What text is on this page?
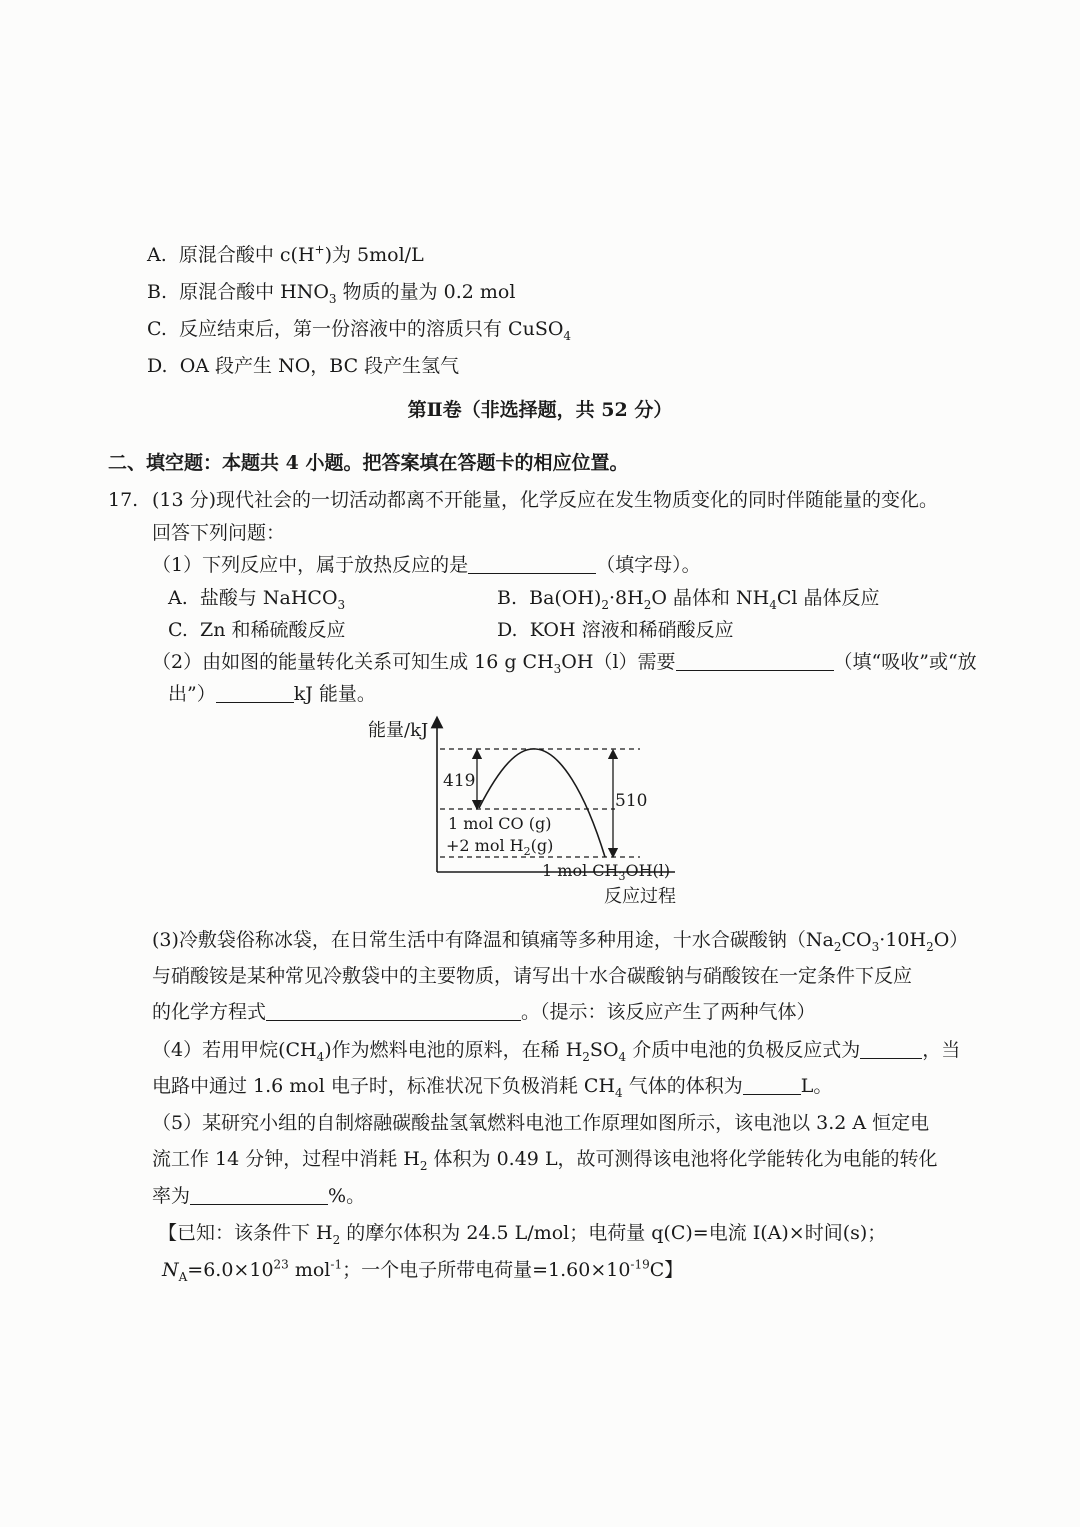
A. 原混合酸中 c(H+)为 5mol/L
B. 原混合酸中 $HNO_3$ 物质的量为 0.2 mol
C. 反应结束后，第一份溶液中的溶质只有 CuSO$_4$
D. OA 段产生 NO，BC 段产生氢气
第Ⅱ卷（非选择题，共 52 分）
二、填空题：本题共 4 小题。把答案填在答题卡的相应位置。
17. (13 分)现代社会的一切活动都离不开能量，化学反应在发生物质变化的同时伴随能量的变化。
回答下列问题：
（1）下列反应中，属于放热反应的是	（填字母）。
A. 盐酸与 NaHCO$_3$	B. $Ba(OH)_2\cdot 8H_2O$ 晶体和 $NH_4Cl$ 晶体反应
C. Zn 和稀硫酸反应	D. KOH 溶液和稀硝酸反应
（2）由如图的能量转化关系可知生成 16 g $CH_3OH(l)$需要	（填“吸收”或“放
出”）	kJ 能量。
能量/kJ
419
510
1 mol CO (g)
+2 mol $H_2(g)$
1 mol $CH_3OH(l)$
反应过程
(3)冷敷袋俗称冰袋，在日常生活中有降温和镇痛等多种用途，十水合碳酸钠$(Na_2CO_3\cdot 10H_2O)$
与硝酸铵是某种常见冷敷袋中的主要物质，请写出十水合碳酸钠与硝酸铵在一定条件下反应
的化学方程式	。（提示：该反应产生了两种气体）
（4）若用甲烷$(CH_4)$作为燃料电池的原料，在稀 $H_2SO_4$ 介质中电池的负极反应式为	，当
电路中通过 1.6 mol 电子时，标准状况下负极消耗 $CH_4$ 气体的体积为	L。
（5）某研究小组的自制熔融碳酸盐氢氧燃料电池工作原理如图所示，该电池以 3.2 A 恒定电
流工作 14 分钟，过程中消耗 $H_2$ 体积为 0.49 L，故可测得该电池将化学能转化为电能的转化
率为	%。
【已知：该条件下 $H_2$ 的摩尔体积为 24.5 L/mol；电荷量 q(C)=电流 I(A)×时间(s)；
$N_A=6.0\times 10^{23}$ mol$^{-1}$；一个电子所带电荷量$=1.60\times 10^{-19}C$】
